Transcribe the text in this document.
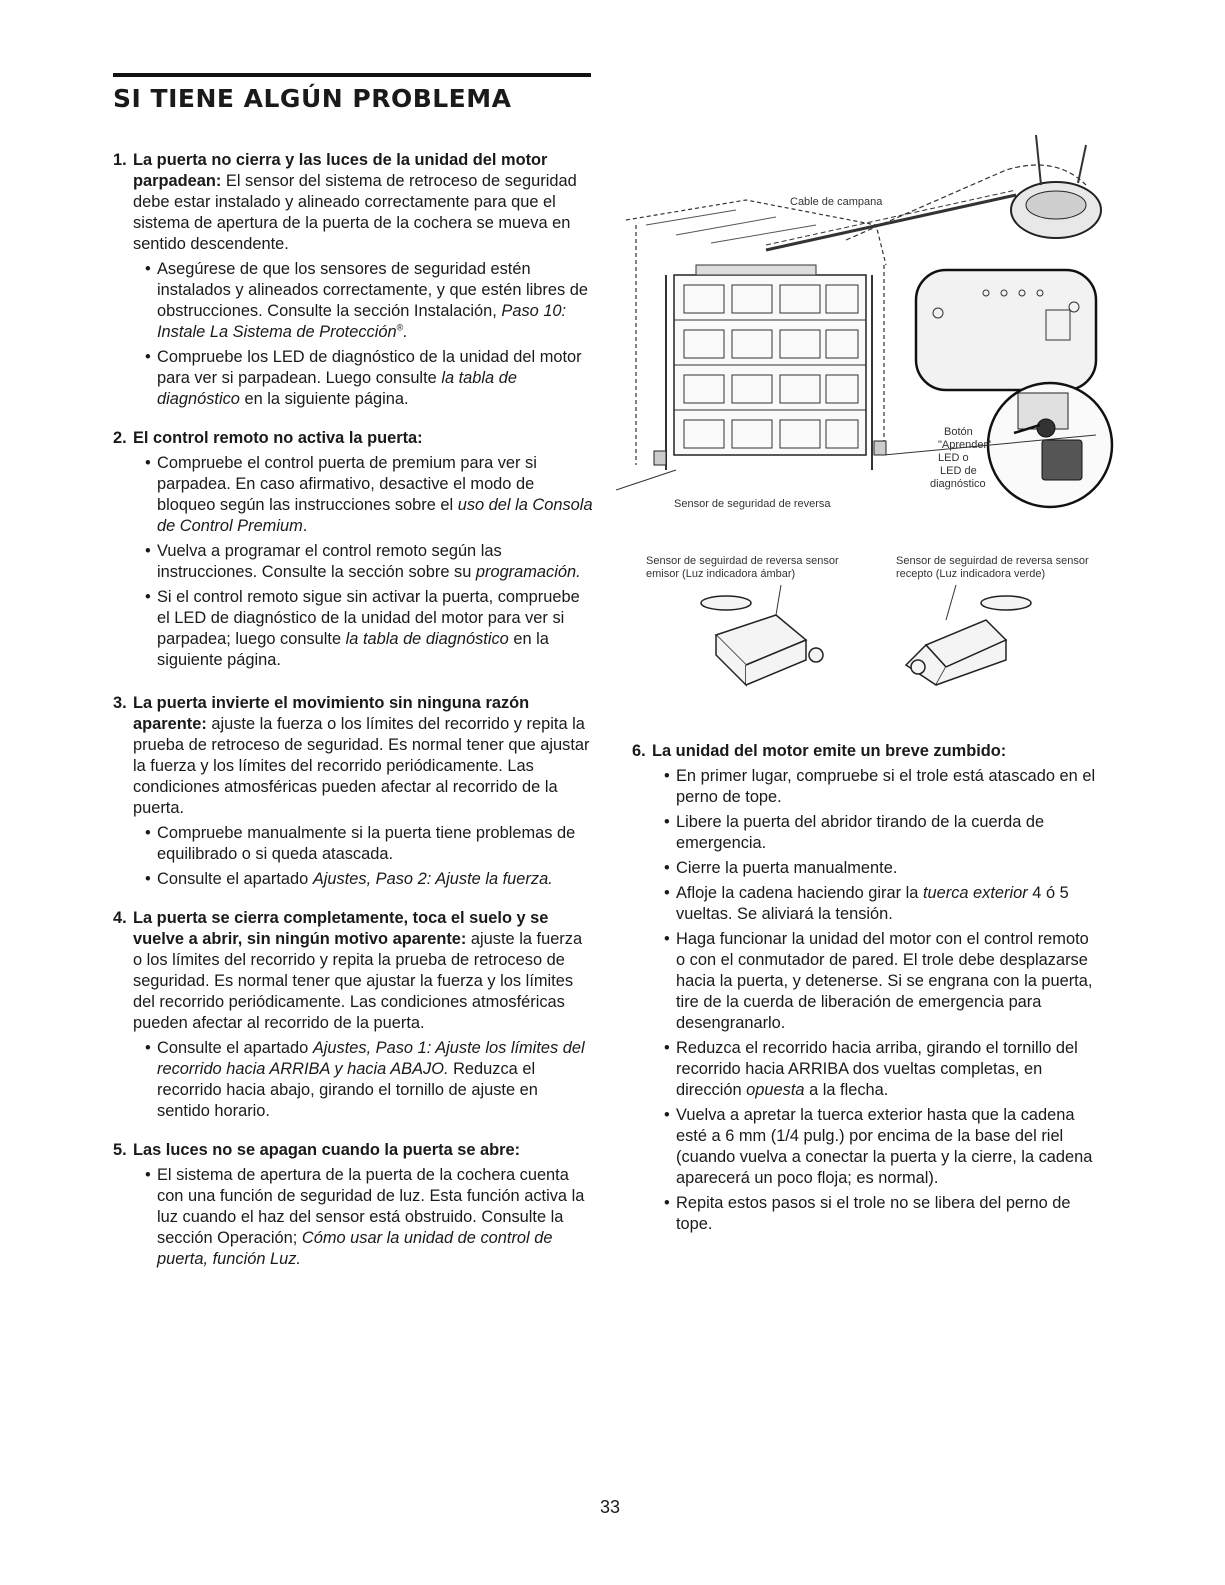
SI TIENE ALGÚN PROBLEMA
1. La puerta no cierra y las luces de la unidad del motor parpadean: El sensor del sistema de retroceso de seguridad debe estar instalado y alineado correctamente para que el sistema de apertura de la puerta de la cochera se mueva en sentido descendente.
• Asegúrese de que los sensores de seguridad estén instalados y alineados correctamente, y que estén libres de obstrucciones. Consulte la sección Instalación, Paso 10: Instale La Sistema de Protección®.
• Compruebe los LED de diagnóstico de la unidad del motor para ver si parpadean. Luego consulte la tabla de diagnóstico en la siguiente página.
2. El control remoto no activa la puerta:
• Compruebe el control puerta de premium para ver si parpadea. En caso afirmativo, desactive el modo de bloqueo según las instrucciones sobre el uso del la Consola de Control Premium.
• Vuelva a programar el control remoto según las instrucciones. Consulte la sección sobre su programación.
• Si el control remoto sigue sin activar la puerta, compruebe el LED de diagnóstico de la unidad del motor para ver si parpadea; luego consulte la tabla de diagnóstico en la siguiente página.
3. La puerta invierte el movimiento sin ninguna razón aparente: ajuste la fuerza o los límites del recorrido y repita la prueba de retroceso de seguridad. Es normal tener que ajustar la fuerza y los límites del recorrido periódicamente. Las condiciones atmosféricas pueden afectar al recorrido de la puerta.
• Compruebe manualmente si la puerta tiene problemas de equilibrado o si queda atascada.
• Consulte el apartado Ajustes, Paso 2: Ajuste la fuerza.
4. La puerta se cierra completamente, toca el suelo y se vuelve a abrir, sin ningún motivo aparente: ajuste la fuerza o los límites del recorrido y repita la prueba de retroceso de seguridad. Es normal tener que ajustar la fuerza y los límites del recorrido periódicamente. Las condiciones atmosféricas pueden afectar al recorrido de la puerta.
• Consulte el apartado Ajustes, Paso 1: Ajuste los límites del recorrido hacia ARRIBA y hacia ABAJO. Reduzca el recorrido hacia abajo, girando el tornillo de ajuste en sentido horario.
5. Las luces no se apagan cuando la puerta se abre:
• El sistema de apertura de la puerta de la cochera cuenta con una función de seguridad de luz. Esta función activa la luz cuando el haz del sensor está obstruido. Consulte la sección Operación; Cómo usar la unidad de control de puerta, función Luz.
Cable de campana
Botón
"Aprender"
LED o
LED de
diagnóstico
Sensor de seguridad de reversa
Sensor de seguirdad de reversa sensor
emisor (Luz indicadora ámbar)
Sensor de seguirdad de reversa sensor
recepto (Luz indicadora verde)
6. La unidad del motor emite un breve zumbido:
• En primer lugar, compruebe si el trole está atascado en el perno de tope.
• Libere la puerta del abridor tirando de la cuerda de emergencia.
• Cierre la puerta manualmente.
• Afloje la cadena haciendo girar la tuerca exterior 4 ó 5 vueltas. Se aliviará la tensión.
• Haga funcionar la unidad del motor con el control remoto o con el conmutador de pared. El trole debe desplazarse hacia la puerta, y detenerse. Si se engrana con la puerta, tire de la cuerda de liberación de emergencia para desengranarlo.
• Reduzca el recorrido hacia arriba, girando el tornillo del recorrido hacia ARRIBA dos vueltas completas, en dirección opuesta a la flecha.
• Vuelva a apretar la tuerca exterior hasta que la cadena esté a 6 mm (1/4 pulg.) por encima de la base del riel (cuando vuelva a conectar la puerta y la cierre, la cadena aparecerá un poco floja; es normal).
• Repita estos pasos si el trole no se libera del perno de tope.
33
